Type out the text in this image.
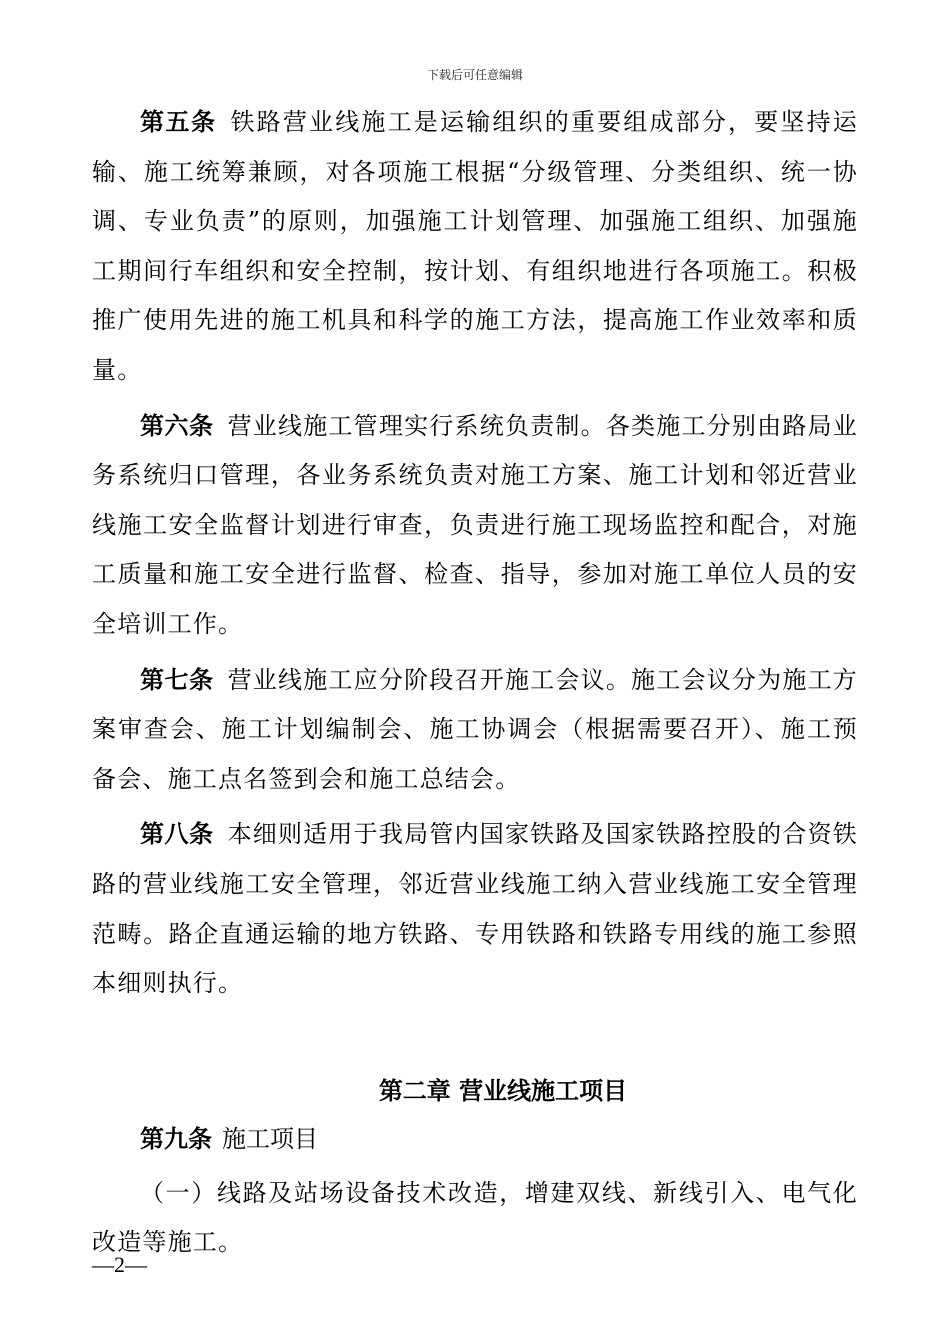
下载后可任意编辑

第五条 铁路营业线施工是运输组织的重要组成部分，要坚持运输、施工统筹兼顾，对各项施工根据“分级管理、分类组织、统一协调、专业负责”的原则，加强施工计划管理、加强施工组织、加强施工期间行车组织和安全控制，按计划、有组织地进行各项施工。积极推广使用先进的施工机具和科学的施工方法，提高施工作业效率和质量。

第六条 营业线施工管理实行系统负责制。各类施工分别由路局业务系统归口管理，各业务系统负责对施工方案、施工计划和邻近营业线施工安全监督计划进行审查，负责进行施工现场监控和配合，对施工质量和施工安全进行监督、检查、指导，参加对施工单位人员的安全培训工作。

第七条 营业线施工应分阶段召开施工会议。施工会议分为施工方案审查会、施工计划编制会、施工协调会（根据需要召开）、施工预备会、施工点名签到会和施工总结会。

第八条 本细则适用于我局管内国家铁路及国家铁路控股的合资铁路的营业线施工安全管理，邻近营业线施工纳入营业线施工安全管理范畴。路企直通运输的地方铁路、专用铁路和铁路专用线的施工参照本细则执行。

第二章 营业线施工项目

第九条 施工项目

（一）线路及站场设备技术改造，增建双线、新线引入、电气化改造等施工。

—2—
